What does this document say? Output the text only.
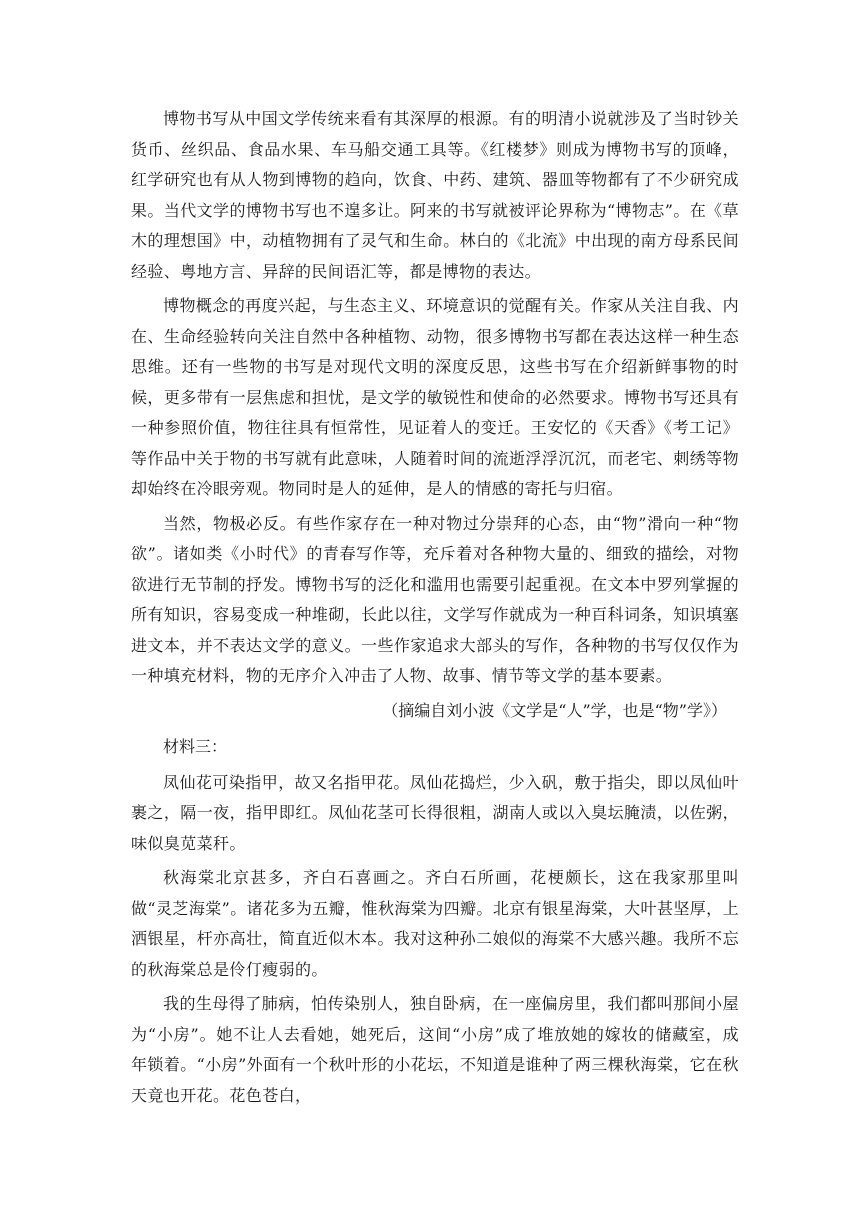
博物书写从中国文学传统来看有其深厚的根源。有的明清小说就涉及了当时钞关货币、丝织品、食品水果、车马船交通工具等。《红楼梦》则成为博物书写的顶峰，红学研究也有从人物到博物的趋向，饮食、中药、建筑、器皿等物都有了不少研究成果。当代文学的博物书写也不遑多让。阿来的书写就被评论界称为“博物志”。在《草木的理想国》中，动植物拥有了灵气和生命。林白的《北流》中出现的南方母系民间经验、粤地方言、异辞的民间语汇等，都是博物的表达。

博物概念的再度兴起，与生态主义、环境意识的觉醒有关。作家从关注自我、内在、生命经验转向关注自然中各种植物、动物，很多博物书写都在表达这样一种生态思维。还有一些物的书写是对现代文明的深度反思，这些书写在介绍新鲜事物的时候，更多带有一层焦虑和担忧，是文学的敏锐性和使命的必然要求。博物书写还具有一种参照价值，物往往具有恒常性，见证着人的变迁。王安忆的《天香》《考工记》等作品中关于物的书写就有此意味，人随着时间的流逝浮浮沉沉，而老宅、刺绣等物却始终在冷眼旁观。物同时是人的延伸，是人的情感的寄托与归宿。

当然，物极必反。有些作家存在一种对物过分崇拜的心态，由“物”滑向一种“物欲”。诸如类《小时代》的青春写作等，充斥着对各种物大量的、细致的描绘，对物欲进行无节制的抒发。博物书写的泛化和滥用也需要引起重视。在文本中罗列掌握的所有知识，容易变成一种堆砌，长此以往，文学写作就成为一种百科词条，知识填塞进文本，并不表达文学的意义。一些作家追求大部头的写作，各种物的书写仅仅作为一种填充材料，物的无序介入冲击了人物、故事、情节等文学的基本要素。

（摘编自刘小波《文学是“人”学，也是“物”学》）
材料三：

凤仙花可染指甲，故又名指甲花。凤仙花捣烂，少入矾，敷于指尖，即以凤仙叶裹之，隔一夜，指甲即红。凤仙花茎可长得很粗，湖南人或以入臭坛腌渍，以佐粥，味似臭苋菜秆。

秋海棠北京甚多，齐白石喜画之。齐白石所画，花梗颇长，这在我家那里叫做“灵芝海棠”。诸花多为五瓣，惟秋海棠为四瓣。北京有银星海棠，大叶甚坚厚，上洒银星，杆亦高壮，简直近似木本。我对这种孙二娘似的海棠不大感兴趣。我所不忘的秋海棠总是伶仃瘦弱的。

我的生母得了肺病，怕传染别人，独自卧病，在一座偏房里，我们都叫那间小屋为“小房”。她不让人去看她，她死后，这间“小房”成了堆放她的嫁妆的储藏室，成年锁着。“小房”外面有一个秋叶形的小花坛，不知道是谁种了两三棵秋海棠，它在秋天竟也开花。花色苍白，
